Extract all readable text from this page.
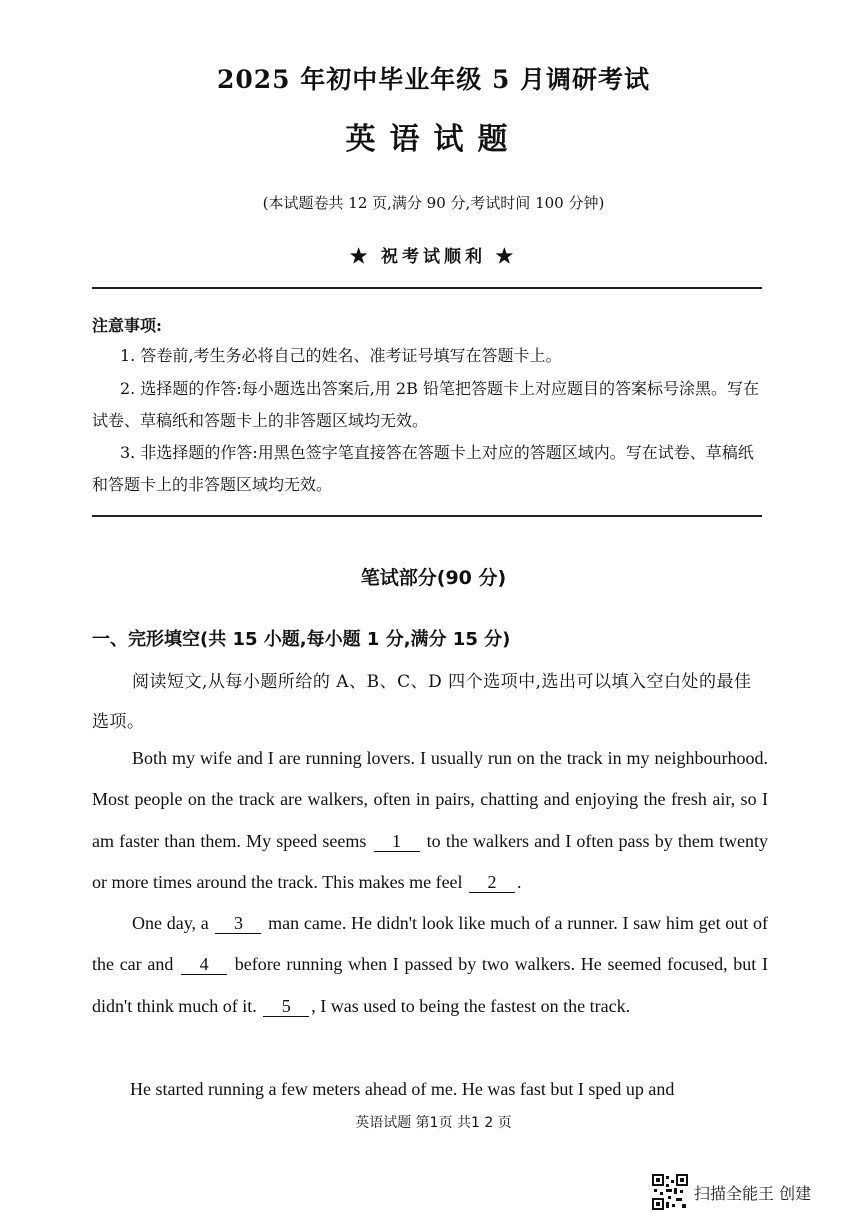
2025 年初中毕业年级 5 月调研考试
英语试题
(本试题卷共 12 页,满分 90 分,考试时间 100 分钟)
★ 祝考试顺利 ★
注意事项:
1. 答卷前,考生务必将自己的姓名、准考证号填写在答题卡上。
2. 选择题的作答:每小题选出答案后,用 2B 铅笔把答题卡上对应题目的答案标号涂黑。写在试卷、草稿纸和答题卡上的非答题区域均无效。
3. 非选择题的作答:用黑色签字笔直接答在答题卡上对应的答题区域内。写在试卷、草稿纸和答题卡上的非答题区域均无效。
笔试部分(90 分)
一、完形填空(共 15 小题,每小题 1 分,满分 15 分)
阅读短文,从每小题所给的 A、B、C、D 四个选项中,选出可以填入空白处的最佳选项。
Both my wife and I are running lovers. I usually run on the track in my neighbourhood. Most people on the track are walkers, often in pairs, chatting and enjoying the fresh air, so I am faster than them. My speed seems 1 to the walkers and I often pass by them twenty or more times around the track. This makes me feel 2 .
One day, a 3 man came. He didn't look like much of a runner. I saw him get out of the car and 4 before running when I passed by two walkers. He seemed focused, but I didn't think much of it. 5 , I was used to being the fastest on the track.
He started running a few meters ahead of me. He was fast but I sped up and
英语试题 第1页 共1 2 页
扫描全能王 创建
